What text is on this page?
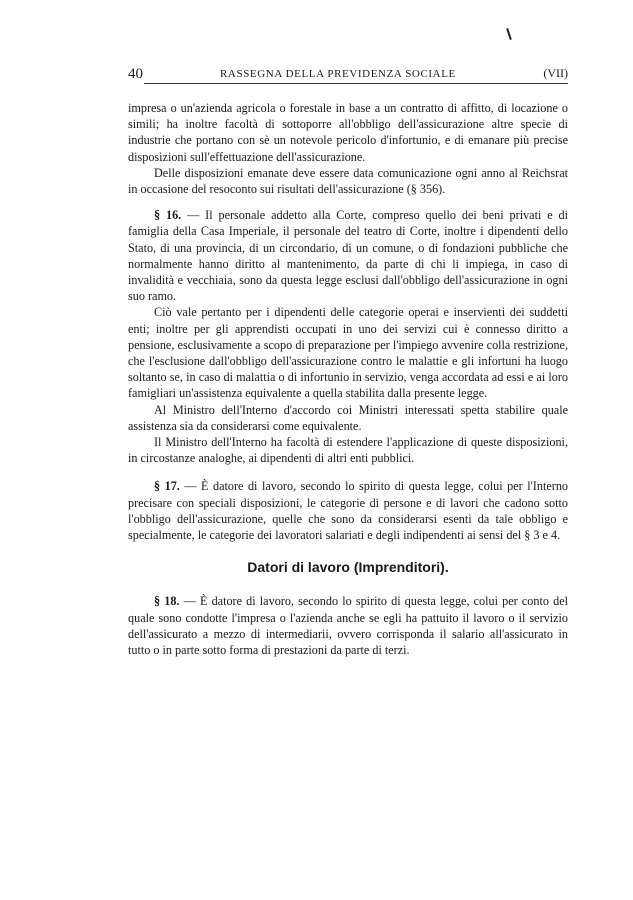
40	RASSEGNA DELLA PREVIDENZA SOCIALE	(VII)

impresa o un'azienda agricola o forestale in base a un contratto di affitto, di locazione o simili; ha inoltre facoltà di sottoporre all'obbligo dell'assicurazione altre specie di industrie che portano con sè un notevole pericolo d'infortunio, e di emanare più precise disposizioni sull'effettuazione dell'assicurazione.

Delle disposizioni emanate deve essere data comunicazione ogni anno al Reichsrat in occasione del resoconto sui risultati dell'assicurazione (§ 356).

§ 16. — Il personale addetto alla Corte, compreso quello dei beni privati e di famiglia della Casa Imperiale, il personale del teatro di Corte, inoltre i dipendenti dello Stato, di una provincia, di un circondario, di un comune, o di fondazioni pubbliche che normalmente hanno diritto al mantenimento, da parte di chi li impiega, in caso di invalidità e vecchiaia, sono da questa legge esclusi dall'obbligo dell'assicurazione in ogni suo ramo.

Ciò vale pertanto per i dipendenti delle categorie operai e inservienti dei suddetti enti; inoltre per gli apprendisti occupati in uno dei servizi cui è connesso diritto a pensione, esclusivamente a scopo di preparazione per l'impiego avvenire colla restrizione, che l'esclusione dall'obbligo dell'assicurazione contro le malattie e gli infortuni ha luogo soltanto se, in caso di malattia o di infortunio in servizio, venga accordata ad essi e ai loro famigliari un'assistenza equivalente a quella stabilita dalla presente legge.

Al Ministro dell'Interno d'accordo coi Ministri interessati spetta stabilire quale assistenza sia da considerarsi come equivalente.

Il Ministro dell'Interno ha facoltà di estendere l'applicazione di queste disposizioni, in circostanze analoghe, ai dipendenti di altri enti pubblici.

§ 17. — È datore di lavoro, secondo lo spirito di questa legge, colui per l'Interno precisare con speciali disposizioni, le categorie di persone e di lavori che cadono sotto l'obbligo dell'assicurazione, quelle che sono da considerarsi esenti da tale obbligo e specialmente, le categorie dei lavoratori salariati e degli indipendenti ai sensi del § 3 e 4.

Datori di lavoro (Imprenditori).

§ 18. — È datore di lavoro, secondo lo spirito di questa legge, colui per conto del quale sono condotte l'impresa o l'azienda anche se egli ha pattuito il lavoro o il servizio dell'assicurato a mezzo di intermediarii, ovvero corrisponda il salario all'assicurato in tutto o in parte sotto forma di prestazioni da parte di terzi.
